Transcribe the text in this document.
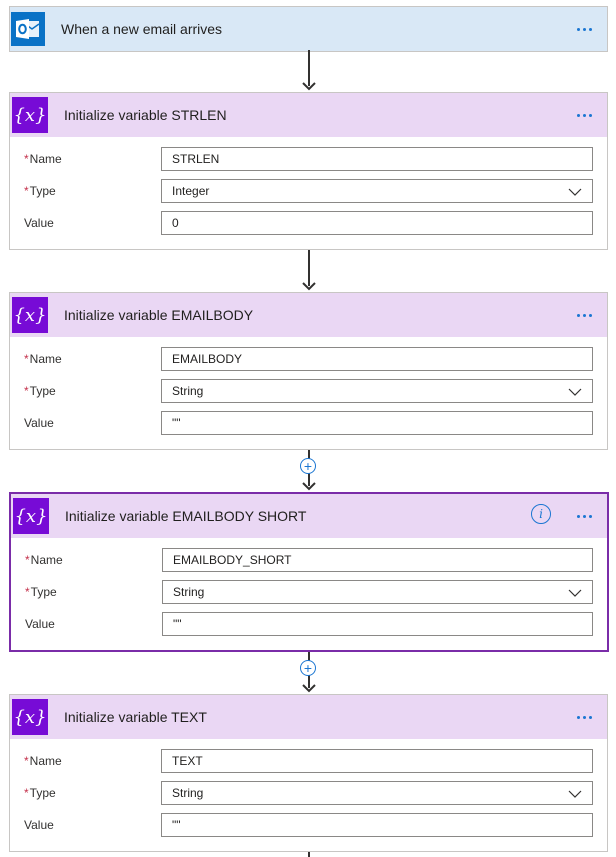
When a new email arrives
{x} Initialize variable STRLEN
*Name	STRLEN
*Type	Integer
Value	0
{x} Initialize variable EMAILBODY
*Name	EMAILBODY
*Type	String
Value	""
+
{x} Initialize variable EMAILBODY SHORT	i
*Name	EMAILBODY_SHORT
*Type	String
Value	""
+
{x} Initialize variable TEXT
*Name	TEXT
*Type	String
Value	""
